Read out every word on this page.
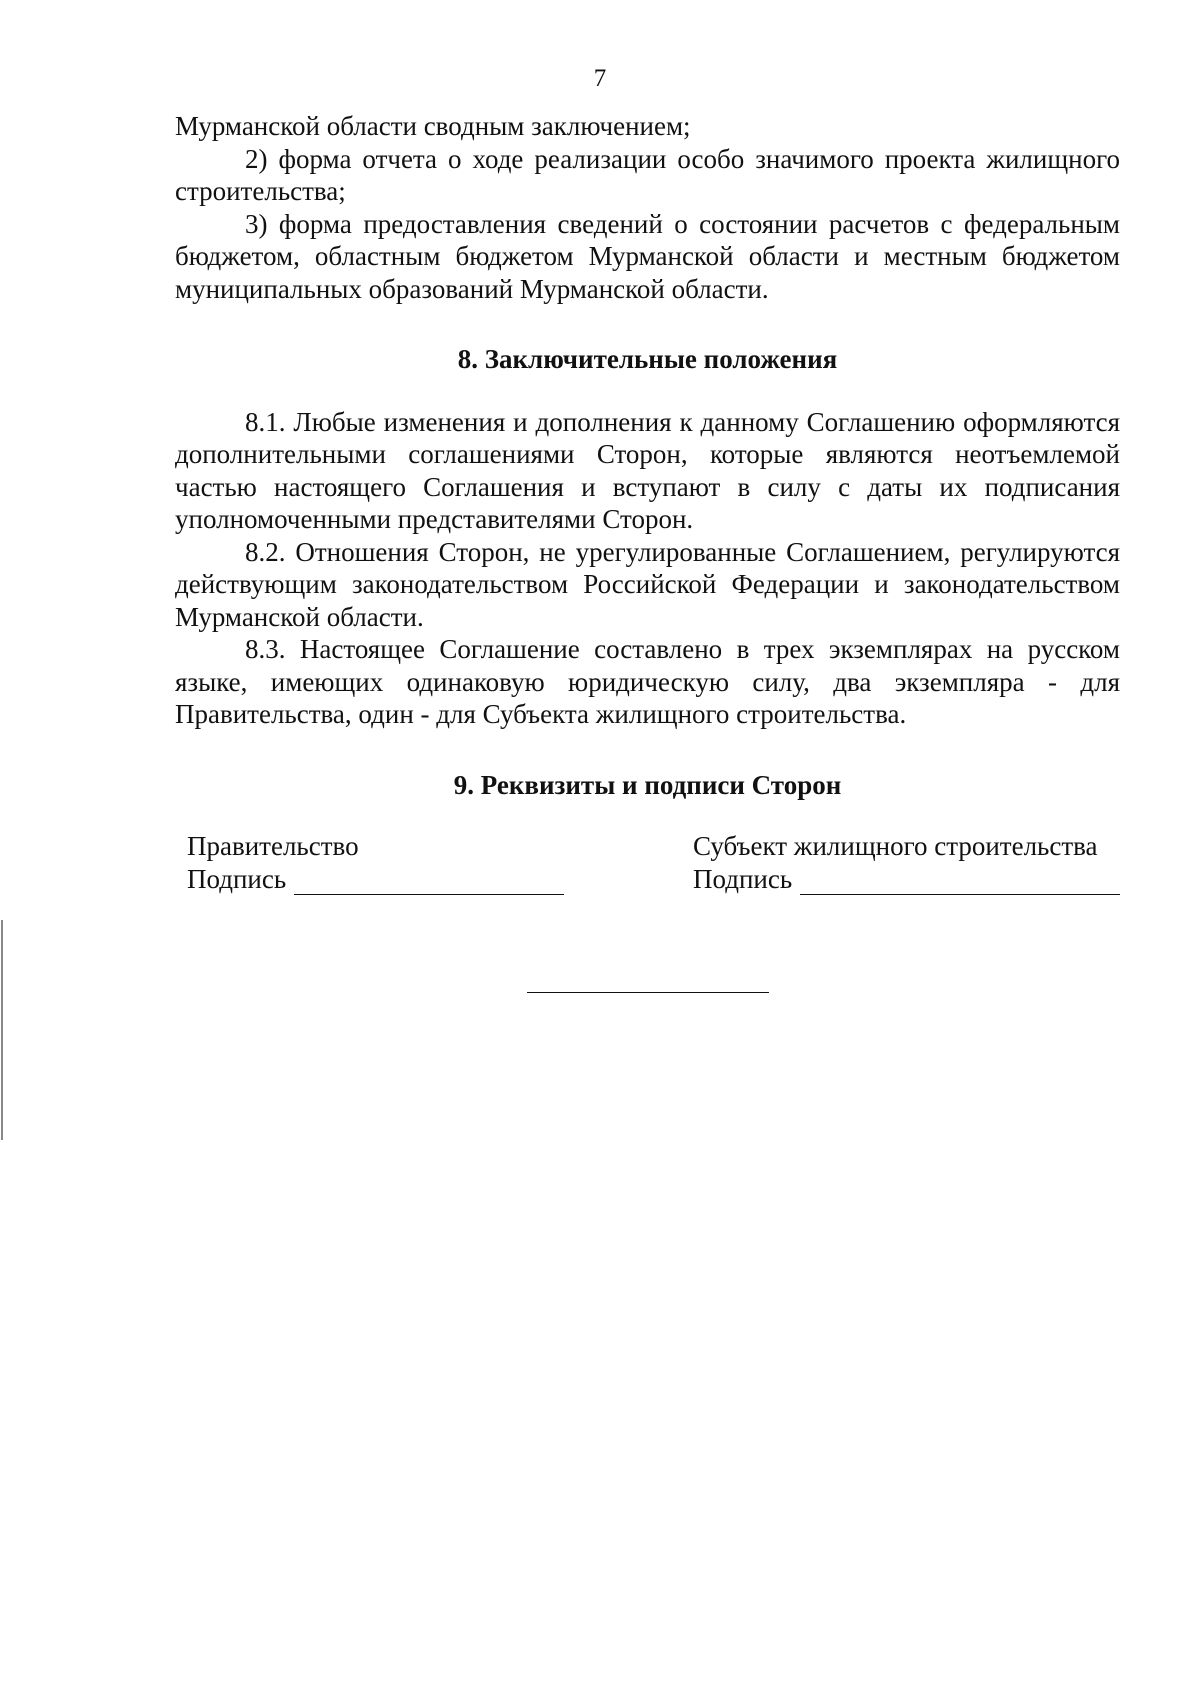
7

Мурманской области сводным заключением;

2) форма отчета о ходе реализации особо значимого проекта жилищного строительства;

3) форма предоставления сведений о состоянии расчетов с федеральным бюджетом, областным бюджетом Мурманской области и местным бюджетом муниципальных образований Мурманской области.

8. Заключительные положения

8.1. Любые изменения и дополнения к данному Соглашению оформляются дополнительными соглашениями Сторон, которые являются неотъемлемой частью настоящего Соглашения и вступают в силу с даты их подписания уполномоченными представителями Сторон.

8.2. Отношения Сторон, не урегулированные Соглашением, регулируются действующим законодательством Российской Федерации и законодательством Мурманской области.

8.3. Настоящее Соглашение составлено в трех экземплярах на русском языке, имеющих одинаковую юридическую силу, два экземпляра - для Правительства, один - для Субъекта жилищного строительства.

9. Реквизиты и подписи Сторон

Правительство
Подпись
Субъект жилищного строительства
Подпись
